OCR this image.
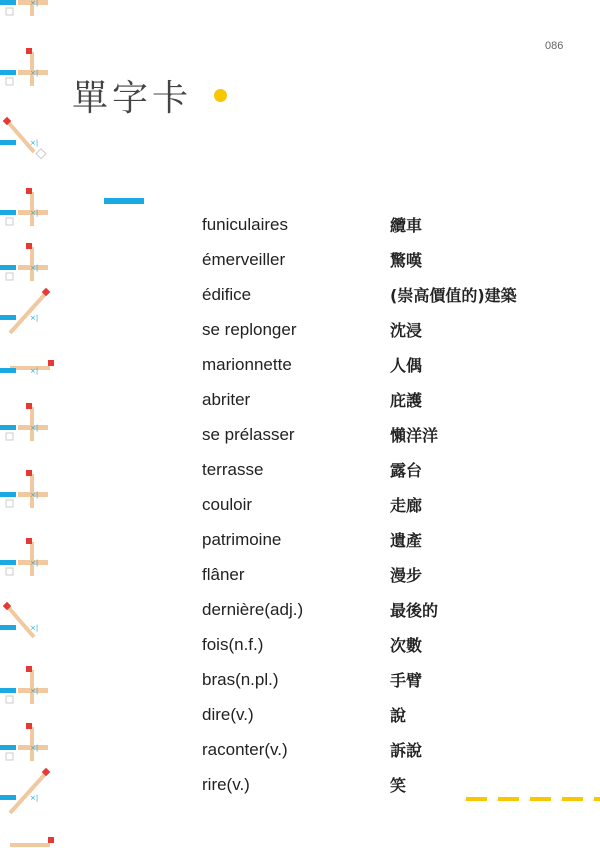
×|
×|
×|
×|
×|
×|
086
單字卡
funiculaires	纜車
émerveiller	驚嘆
édifice	(崇高價值的)建築
se replonger	沈浸
marionnette	人偶
abriter	庇護
se prélasser	懶洋洋
terrasse	露台
couloir	走廊
patrimoine	遺產
flâner	漫步
dernière(adj.)	最後的
fois(n.f.)	次數
bras(n.pl.)	手臂
dire(v.)	說
raconter(v.)	訴說
rire(v.)	笑
